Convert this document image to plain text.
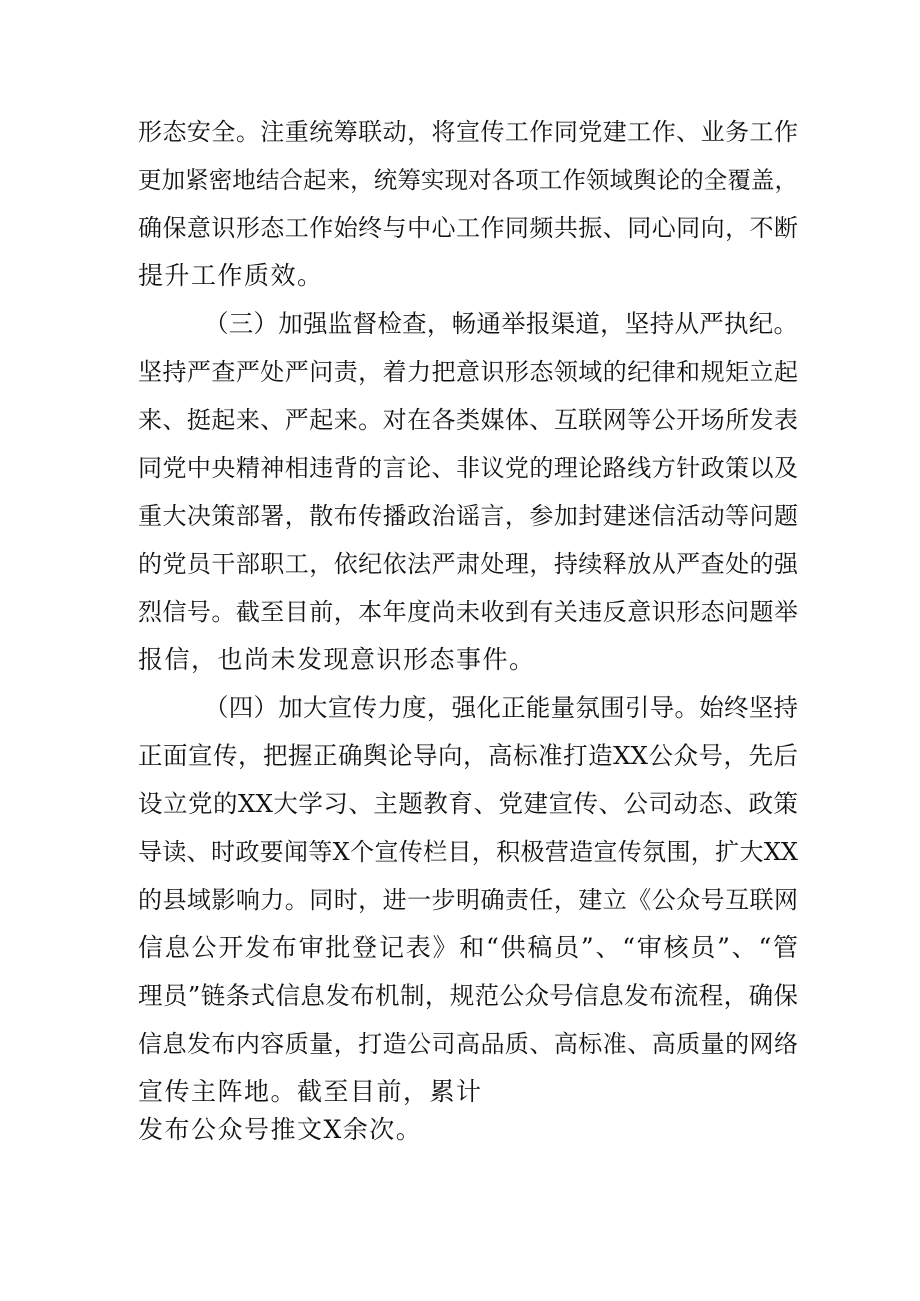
形态安全。注重统筹联动，将宣传工作同党建工作、业务工作

更加紧密地结合起来，统筹实现对各项工作领域舆论的全覆盖，

确保意识形态工作始终与中心工作同频共振、同心同向，不断

提升工作质效。

（三）加强监督检查，畅通举报渠道，坚持从严执纪。

坚持严查严处严问责，着力把意识形态领域的纪律和规矩立起

来、挺起来、严起来。对在各类媒体、互联网等公开场所发表

同党中央精神相违背的言论、非议党的理论路线方针政策以及

重大决策部署，散布传播政治谣言，参加封建迷信活动等问题

的党员干部职工，依纪依法严肃处理，持续释放从严查处的强

烈信号。截至目前，本年度尚未收到有关违反意识形态问题举

报信，也尚未发现意识形态事件。

（四）加大宣传力度，强化正能量氛围引导。始终坚持

正面宣传，把握正确舆论导向，高标准打造XX公众号，先后

设立党的XX大学习、主题教育、党建宣传、公司动态、政策

导读、时政要闻等X个宣传栏目，积极营造宣传氛围，扩大XX

的县域影响力。同时，进一步明确责任，建立《公众号互联网

信息公开发布审批登记表》和“供稿员”、“审核员”、“管

理员”链条式信息发布机制，规范公众号信息发布流程，确保

信息发布内容质量，打造公司高品质、高标准、高质量的网络

宣传主阵地。截至目前，累计

发布公众号推文X余次。
